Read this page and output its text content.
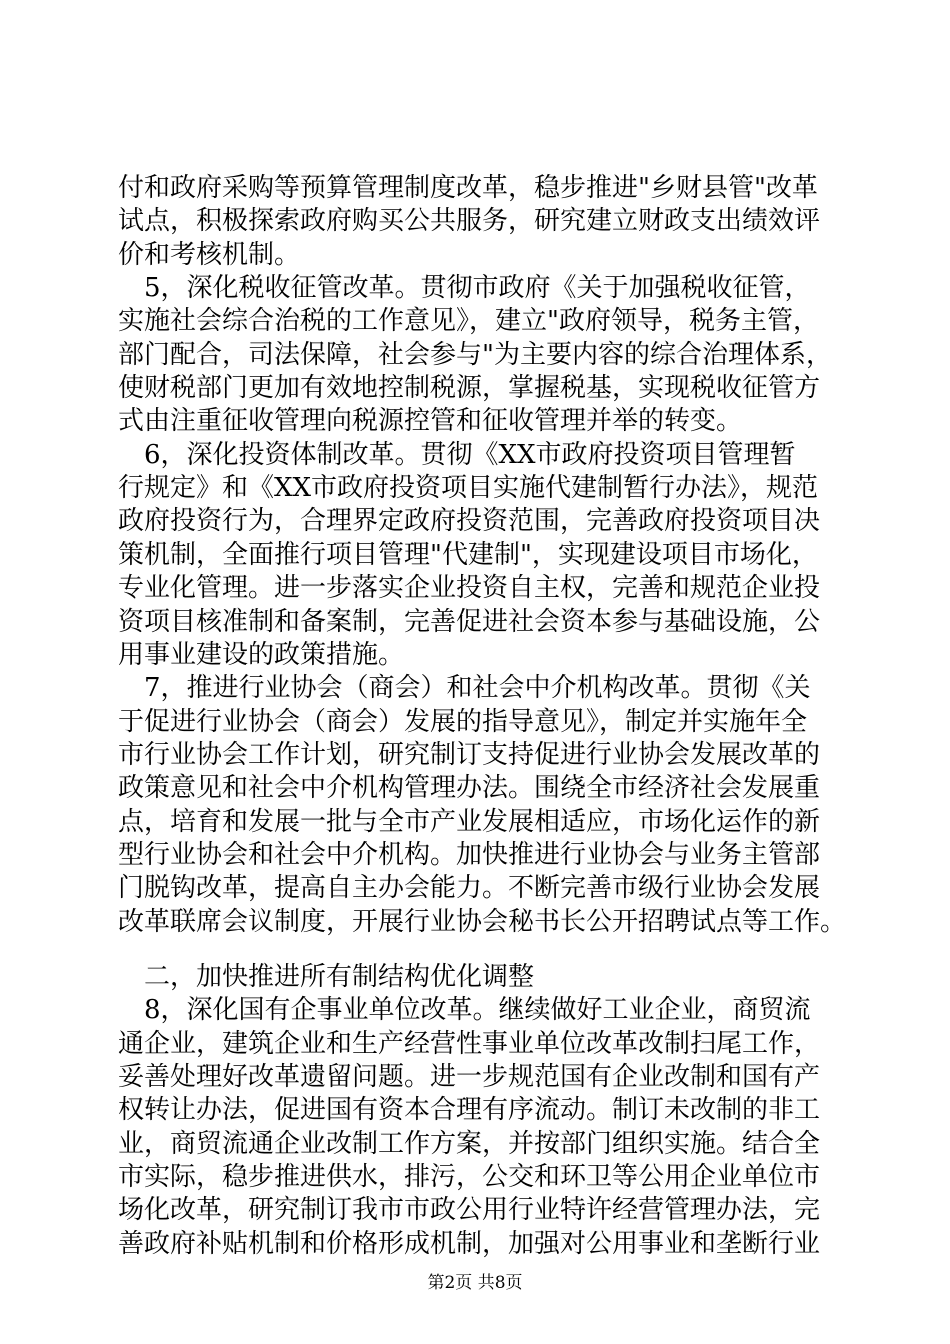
付和政府采购等预算管理制度改革，稳步推进"乡财县管"改革
试点，积极探索政府购买公共服务，研究建立财政支出绩效评
价和考核机制。
　5，深化税收征管改革。贯彻市政府《关于加强税收征管，
实施社会综合治税的工作意见》，建立"政府领导，税务主管，
部门配合，司法保障，社会参与"为主要内容的综合治理体系，
使财税部门更加有效地控制税源，掌握税基，实现税收征管方
式由注重征收管理向税源控管和征收管理并举的转变。
　6，深化投资体制改革。贯彻《XX市政府投资项目管理暂
行规定》和《XX市政府投资项目实施代建制暂行办法》，规范
政府投资行为，合理界定政府投资范围，完善政府投资项目决
策机制，全面推行项目管理"代建制"，实现建设项目市场化，
专业化管理。进一步落实企业投资自主权，完善和规范企业投
资项目核准制和备案制，完善促进社会资本参与基础设施，公
用事业建设的政策措施。
　7，推进行业协会（商会）和社会中介机构改革。贯彻《关
于促进行业协会（商会）发展的指导意见》，制定并实施年全
市行业协会工作计划，研究制订支持促进行业协会发展改革的
政策意见和社会中介机构管理办法。围绕全市经济社会发展重
点，培育和发展一批与全市产业发展相适应，市场化运作的新
型行业协会和社会中介机构。加快推进行业协会与业务主管部
门脱钩改革，提高自主办会能力。不断完善市级行业协会发展
改革联席会议制度，开展行业协会秘书长公开招聘试点等工作。
　二，加快推进所有制结构优化调整
　8，深化国有企事业单位改革。继续做好工业企业，商贸流
通企业，建筑企业和生产经营性事业单位改革改制扫尾工作，
妥善处理好改革遗留问题。进一步规范国有企业改制和国有产
权转让办法，促进国有资本合理有序流动。制订未改制的非工
业，商贸流通企业改制工作方案，并按部门组织实施。结合全
市实际，稳步推进供水，排污，公交和环卫等公用企业单位市
场化改革，研究制订我市市政公用行业特许经营管理办法，完
善政府补贴机制和价格形成机制，加强对公用事业和垄断行业
第2页 共8页
